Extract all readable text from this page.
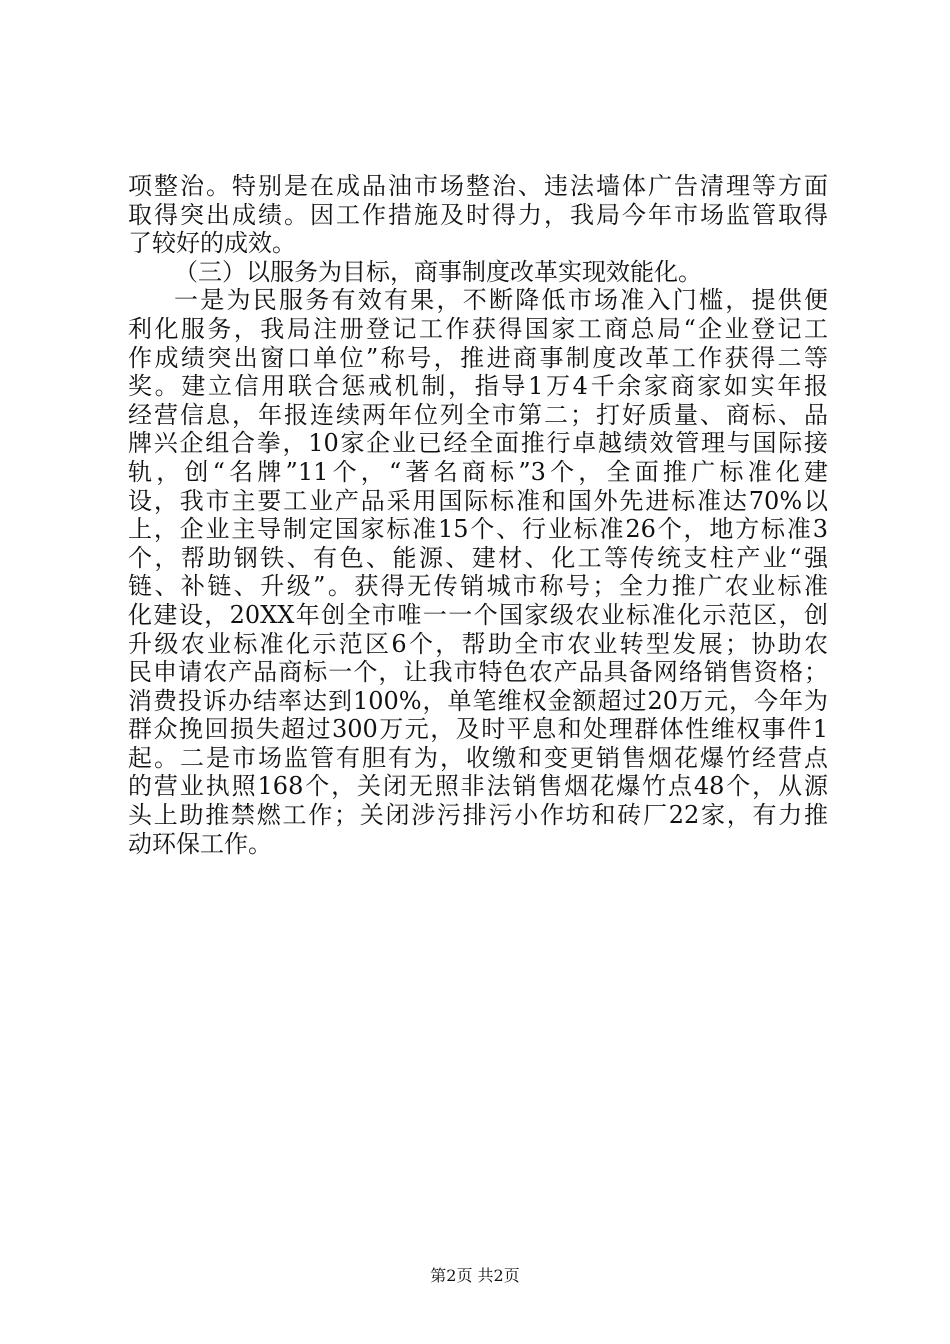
项整治。特别是在成品油市场整治、违法墙体广告清理等方面
取得突出成绩。因工作措施及时得力，我局今年市场监管取得
了较好的成效。
（三）以服务为目标，商事制度改革实现效能化。
一是为民服务有效有果，不断降低市场准入门槛，提供便
利化服务，我局注册登记工作获得国家工商总局“企业登记工
作成绩突出窗口单位”称号，推进商事制度改革工作获得二等
奖。建立信用联合惩戒机制，指导1万4千余家商家如实年报
经营信息，年报连续两年位列全市第二；打好质量、商标、品
牌兴企组合拳，10家企业已经全面推行卓越绩效管理与国际接
轨，创“名牌”11个，“著名商标”3个，全面推广标准化建
设，我市主要工业产品采用国际标准和国外先进标准达70%以
上，企业主导制定国家标准15个、行业标准26个，地方标准3
个，帮助钢铁、有色、能源、建材、化工等传统支柱产业“强
链、补链、升级”。获得无传销城市称号；全力推广农业标准
化建设，20XX年创全市唯一一个国家级农业标准化示范区，创
升级农业标准化示范区6个，帮助全市农业转型发展；协助农
民申请农产品商标一个，让我市特色农产品具备网络销售资格；
消费投诉办结率达到100%，单笔维权金额超过20万元，今年为
群众挽回损失超过300万元，及时平息和处理群体性维权事件1
起。二是市场监管有胆有为，收缴和变更销售烟花爆竹经营点
的营业执照168个，关闭无照非法销售烟花爆竹点48个，从源
头上助推禁燃工作；关闭涉污排污小作坊和砖厂22家，有力推
动环保工作。
第2页 共2页
